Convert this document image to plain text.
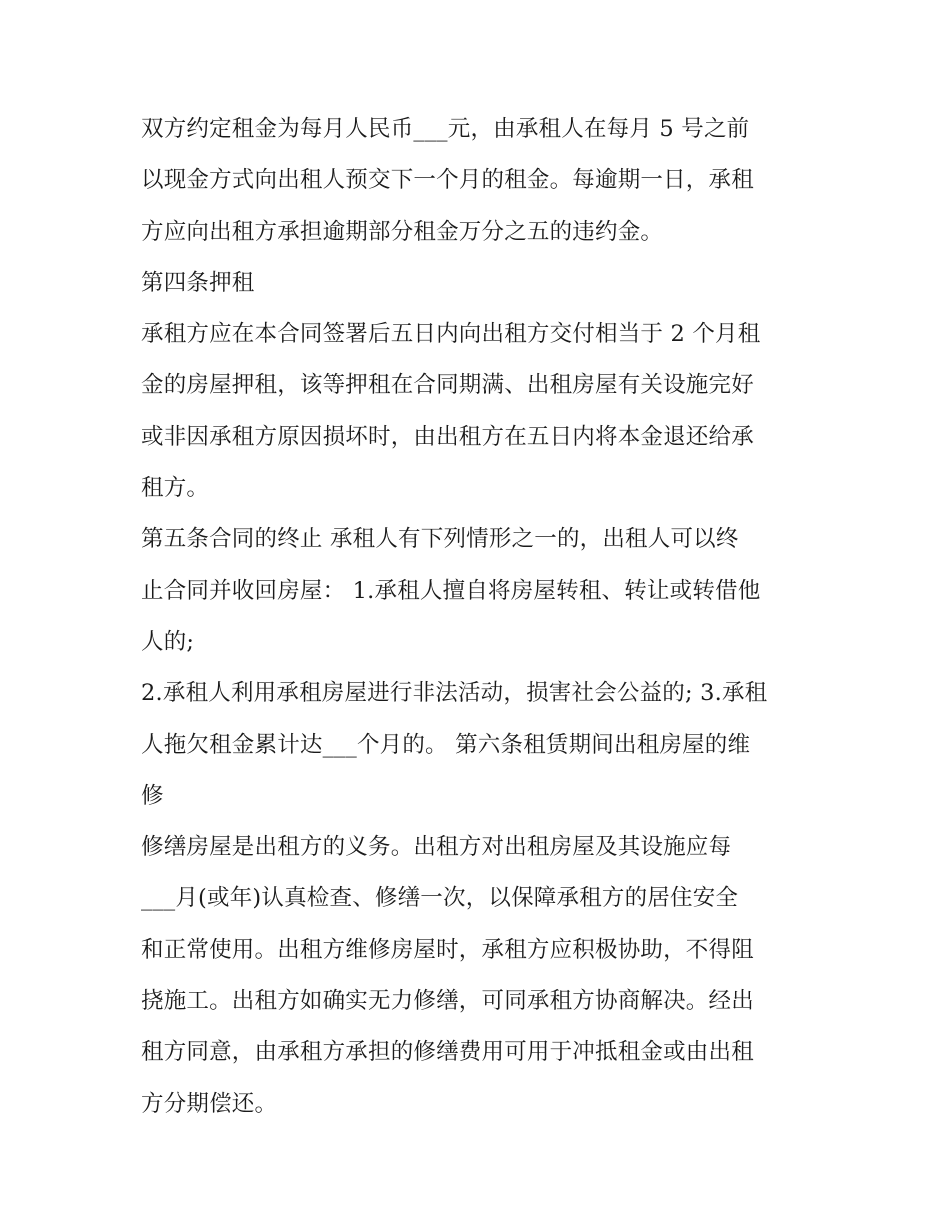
双方约定租金为每月人民币___元，由承租人在每月 5 号之前
以现金方式向出租人预交下一个月的租金。每逾期一日，承租
方应向出租方承担逾期部分租金万分之五的违约金。
第四条押租
承租方应在本合同签署后五日内向出租方交付相当于 2 个月租
金的房屋押租，该等押租在合同期满、出租房屋有关设施完好
或非因承租方原因损坏时，由出租方在五日内将本金退还给承
租方。
第五条合同的终止 承租人有下列情形之一的，出租人可以终
止合同并收回房屋： 1.承租人擅自将房屋转租、转让或转借他
人的;
2.承租人利用承租房屋进行非法活动，损害社会公益的; 3.承租
人拖欠租金累计达___个月的。 第六条租赁期间出租房屋的维
修
修缮房屋是出租方的义务。出租方对出租房屋及其设施应每
___月(或年)认真检查、修缮一次，以保障承租方的居住安全
和正常使用。出租方维修房屋时，承租方应积极协助，不得阻
挠施工。出租方如确实无力修缮，可同承租方协商解决。经出
租方同意，由承租方承担的修缮费用可用于冲抵租金或由出租
方分期偿还。
